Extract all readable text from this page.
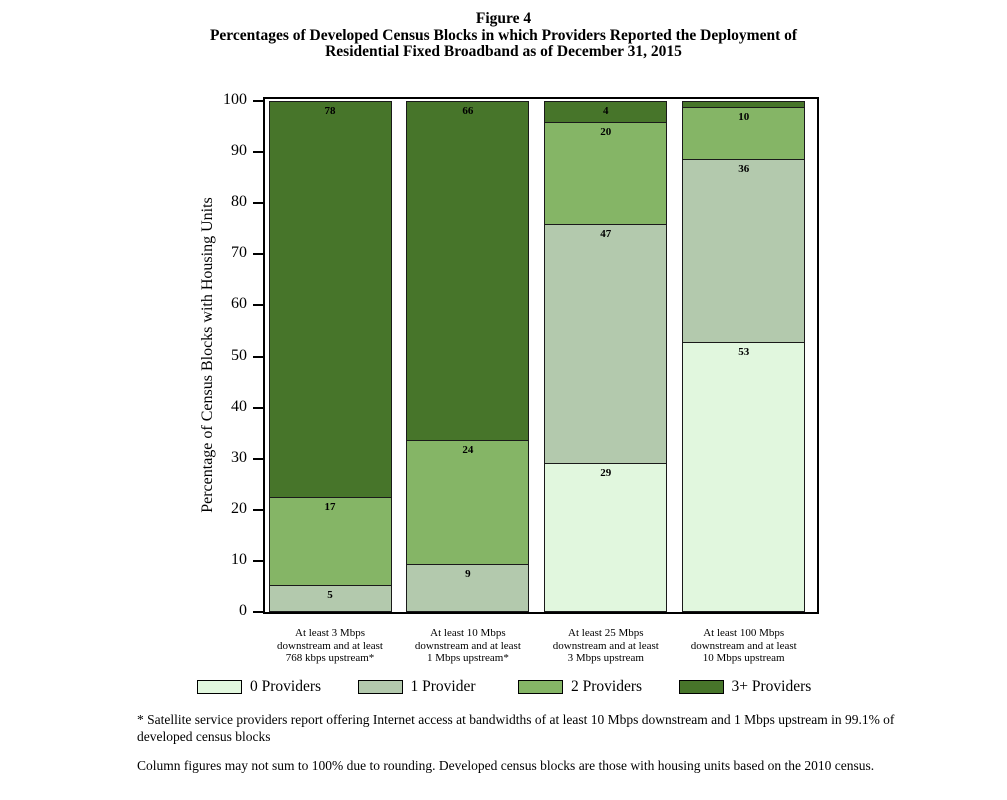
Figure 4
Percentages of Developed Census Blocks in which Providers Reported the Deployment of
Residential Fixed Broadband as of December 31, 2015
Percentage of Census Blocks with Housing Units
0
10
20
30
40
50
60
70
80
90
100
78
17
5
66
24
9
4
20
47
29
10
36
53
At least 3 Mbps
downstream and at least
768 kbps upstream*
At least 10 Mbps
downstream and at least
1 Mbps upstream*
At least 25 Mbps
downstream and at least
3 Mbps upstream
At least 100 Mbps
downstream and at least
10 Mbps upstream
0 Providers	1 Provider	2 Providers	3+ Providers
* Satellite service providers report offering Internet access at bandwidths of at least 10 Mbps downstream and 1 Mbps upstream in 99.1% of developed census blocks
Column figures may not sum to 100% due to rounding. Developed census blocks are those with housing units based on the 2010 census.
